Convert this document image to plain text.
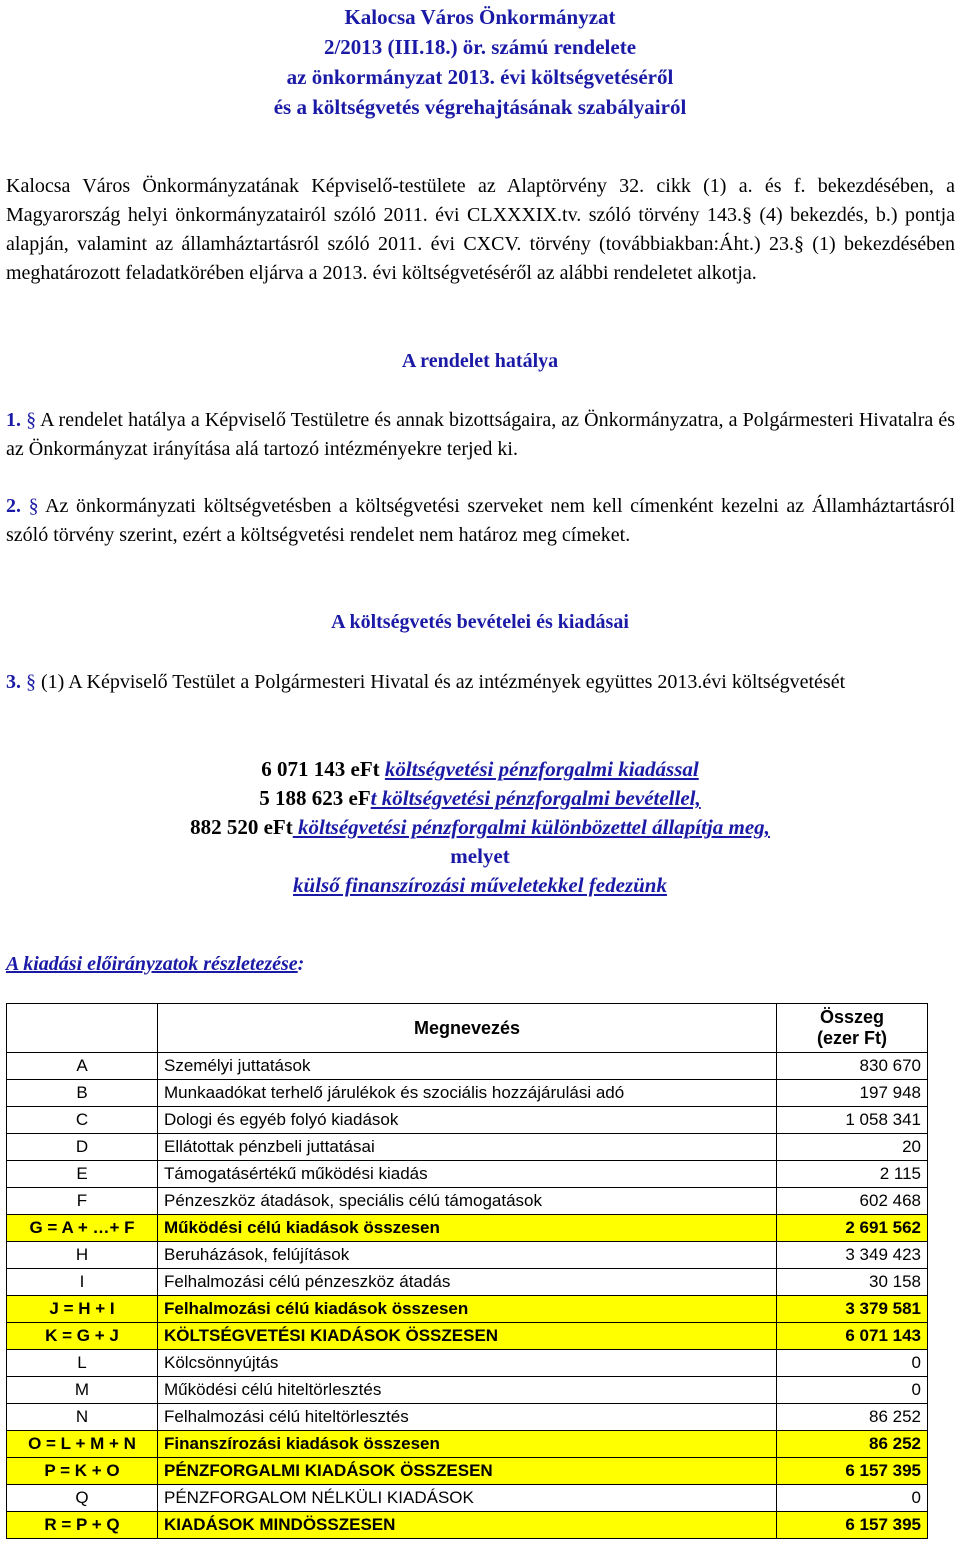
Kalocsa Város Önkormányzat
2/2013 (III.18.) ör. számú rendelete
az önkormányzat 2013. évi költségvetéséről
és a költségvetés végrehajtásának szabályairól
Kalocsa Város Önkormányzatának Képviselő-testülete az Alaptörvény 32. cikk (1) a. és f. bekezdésében, a Magyarország helyi önkormányzatairól szóló 2011. évi CLXXXIX.tv. szóló törvény 143.§ (4) bekezdés, b.) pontja alapján, valamint az államháztartásról szóló 2011. évi CXCV. törvény (továbbiakban:Áht.) 23.§ (1) bekezdésében meghatározott feladatkörében eljárva a 2013. évi költségvetéséről az alábbi rendeletet alkotja.
A rendelet hatálya
1. § A rendelet hatálya a Képviselő Testületre és annak bizottságaira, az Önkormányzatra, a Polgármesteri Hivatalra és az Önkormányzat irányítása alá tartozó intézményekre terjed ki.
2. § Az önkormányzati költségvetésben a költségvetési szerveket nem kell címenként kezelni az Államháztartásról szóló törvény szerint, ezért a költségvetési rendelet nem határoz meg címeket.
A költségvetés bevételei és kiadásai
3. § (1) A Képviselő Testület a Polgármesteri Hivatal és az intézmények együttes 2013.évi költségvetését
6 071 143 eFt költségvetési pénzforgalmi kiadással
5 188 623 eFt költségvetési pénzforgalmi bevétellel,
882 520 eFt költségvetési pénzforgalmi különbözettel állapítja meg,
melyet
külső finanszírozási műveletekkel fedezünk
A kiadási előirányzatok részletezése:
	Megnevezés	Összeg
(ezer Ft)

A	Személyi juttatások	830 670
B	Munkaadókat terhelő járulékok és szociális hozzájárulási adó	197 948
C	Dologi és egyéb folyó kiadások	1 058 341
D	Ellátottak pénzbeli juttatásai	20
E	Támogatásértékű működési kiadás	2 115
F	Pénzeszköz átadások, speciális célú támogatások	602 468
G = A + …+ F	Működési célú kiadások összesen	2 691 562
H	Beruházások, felújítások	3 349 423
I	Felhalmozási célú pénzeszköz átadás	30 158
J = H + I	Felhalmozási célú kiadások összesen	3 379 581
K = G + J	KÖLTSÉGVETÉSI KIADÁSOK ÖSSZESEN	6 071 143
L	Kölcsönnyújtás	0
M	Működési célú hiteltörlesztés	0
N	Felhalmozási célú hiteltörlesztés	86 252
O = L + M + N	Finanszírozási kiadások összesen	86 252
P = K + O	PÉNZFORGALMI KIADÁSOK ÖSSZESEN	6 157 395
Q	PÉNZFORGALOM NÉLKÜLI KIADÁSOK	0
R = P + Q	KIADÁSOK MINDÖSSZESEN	6 157 395
